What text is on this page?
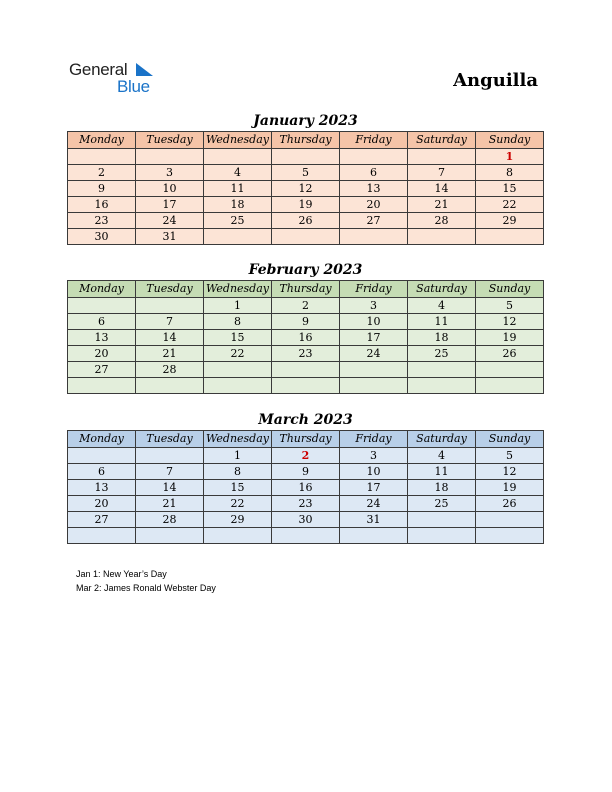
General
Blue	Anguilla
January 2023
Monday	Tuesday	Wednesday	Thursday	Friday	Saturday	Sunday
						1
2	3	4	5	6	7	8
9	10	11	12	13	14	15
16	17	18	19	20	21	22
23	24	25	26	27	28	29
30	31					
February 2023
Monday	Tuesday	Wednesday	Thursday	Friday	Saturday	Sunday
		1	2	3	4	5
6	7	8	9	10	11	12
13	14	15	16	17	18	19
20	21	22	23	24	25	26
27	28					

March 2023
Monday	Tuesday	Wednesday	Thursday	Friday	Saturday	Sunday
		1	2	3	4	5
6	7	8	9	10	11	12
13	14	15	16	17	18	19
20	21	22	23	24	25	26
27	28	29	30	31		

Jan 1: New Year’s Day
Mar 2: James Ronald Webster Day
